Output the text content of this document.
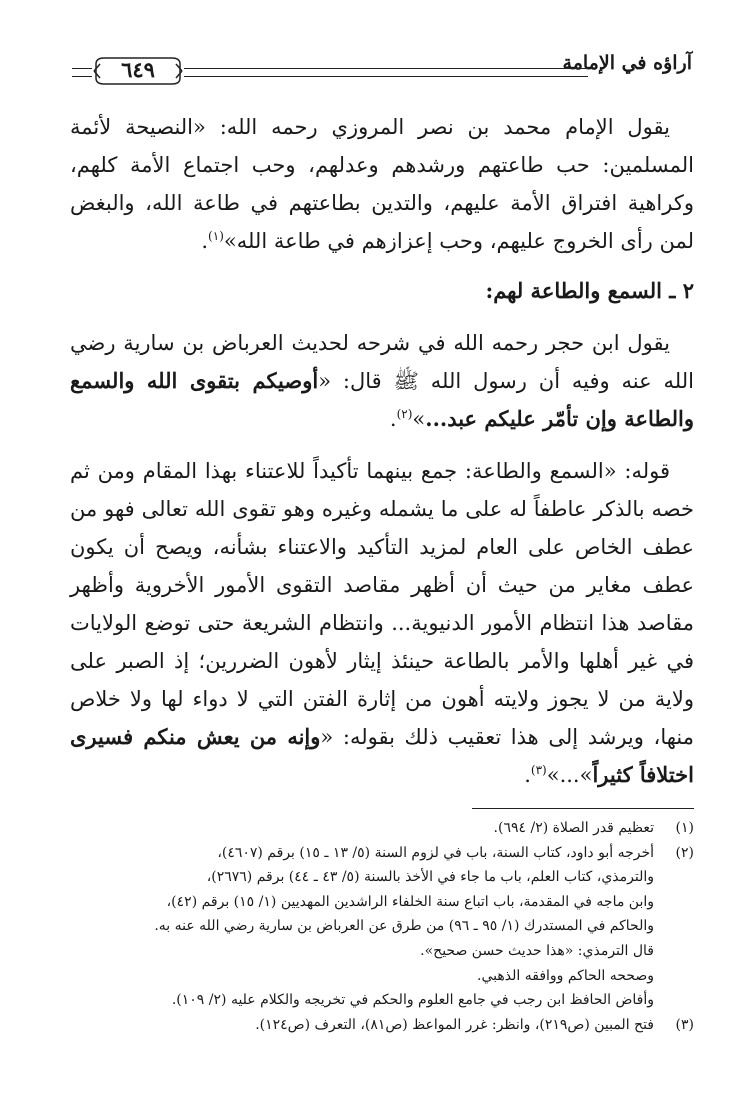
آراؤه في الإمامة
٦٤٩

يقول الإمام محمد بن نصر المروزي رحمه الله: «النصيحة لأئمة المسلمين: حب طاعتهم ورشدهم وعدلهم، وحب اجتماع الأمة كلهم، وكراهية افتراق الأمة عليهم، والتدين بطاعتهم في طاعة الله، والبغض لمن رأى الخروج عليهم، وحب إعزازهم في طاعة الله»$^{(١)}$.

٢ ـ السمع والطاعة لهم:

يقول ابن حجر رحمه الله في شرحه لحديث العرباض بن سارية رضي الله عنه وفيه أن رسول الله ﷺ قال: «أوصيكم بتقوى الله والسمع والطاعة وإن تأمّر عليكم عبد...»$^{(٢)}$.

قوله: «السمع والطاعة: جمع بينهما تأكيداً للاعتناء بهذا المقام ومن ثم خصه بالذكر عاطفاً له على ما يشمله وغيره وهو تقوى الله تعالى فهو من عطف الخاص على العام لمزيد التأكيد والاعتناء بشأنه، ويصح أن يكون عطف مغاير من حيث أن أظهر مقاصد التقوى الأمور الأخروية وأظهر مقاصد هذا انتظام الأمور الدنيوية... وانتظام الشريعة حتى توضع الولايات في غير أهلها والأمر بالطاعة حينئذ إيثار لأهون الضررين؛ إذ الصبر على ولاية من لا يجوز ولايته أهون من إثارة الفتن التي لا دواء لها ولا خلاص منها، ويرشد إلى هذا تعقيب ذلك بقوله: «وإنه من يعش منكم فسيرى اختلافاً كثيراً»...»$^{(٣)}$.

(١)
تعظيم قدر الصلاة (٢/ ٦٩٤).
(٢)
أخرجه أبو داود، كتاب السنة، باب في لزوم السنة (٥/ ١٣ ـ ١٥) برقم (٤٦٠٧)،
والترمذي، كتاب العلم، باب ما جاء في الأخذ بالسنة (٥/ ٤٣ ـ ٤٤) برقم (٢٦٧٦)،
وابن ماجه في المقدمة، باب اتباع سنة الخلفاء الراشدين المهديين (١/ ١٥) برقم (٤٢)،
والحاكم في المستدرك (١/ ٩٥ ـ ٩٦) من طرق عن العرباض بن سارية رضي الله عنه به.
قال الترمذي: «هذا حديث حسن صحيح».
وصححه الحاكم ووافقه الذهبي.
وأفاض الحافظ ابن رجب في جامع العلوم والحكم في تخريجه والكلام عليه (٢/ ١٠٩).
(٣)
فتح المبين (ص٢١٩)، وانظر: غرر المواعظ (ص٨١)، التعرف (ص١٢٤).
